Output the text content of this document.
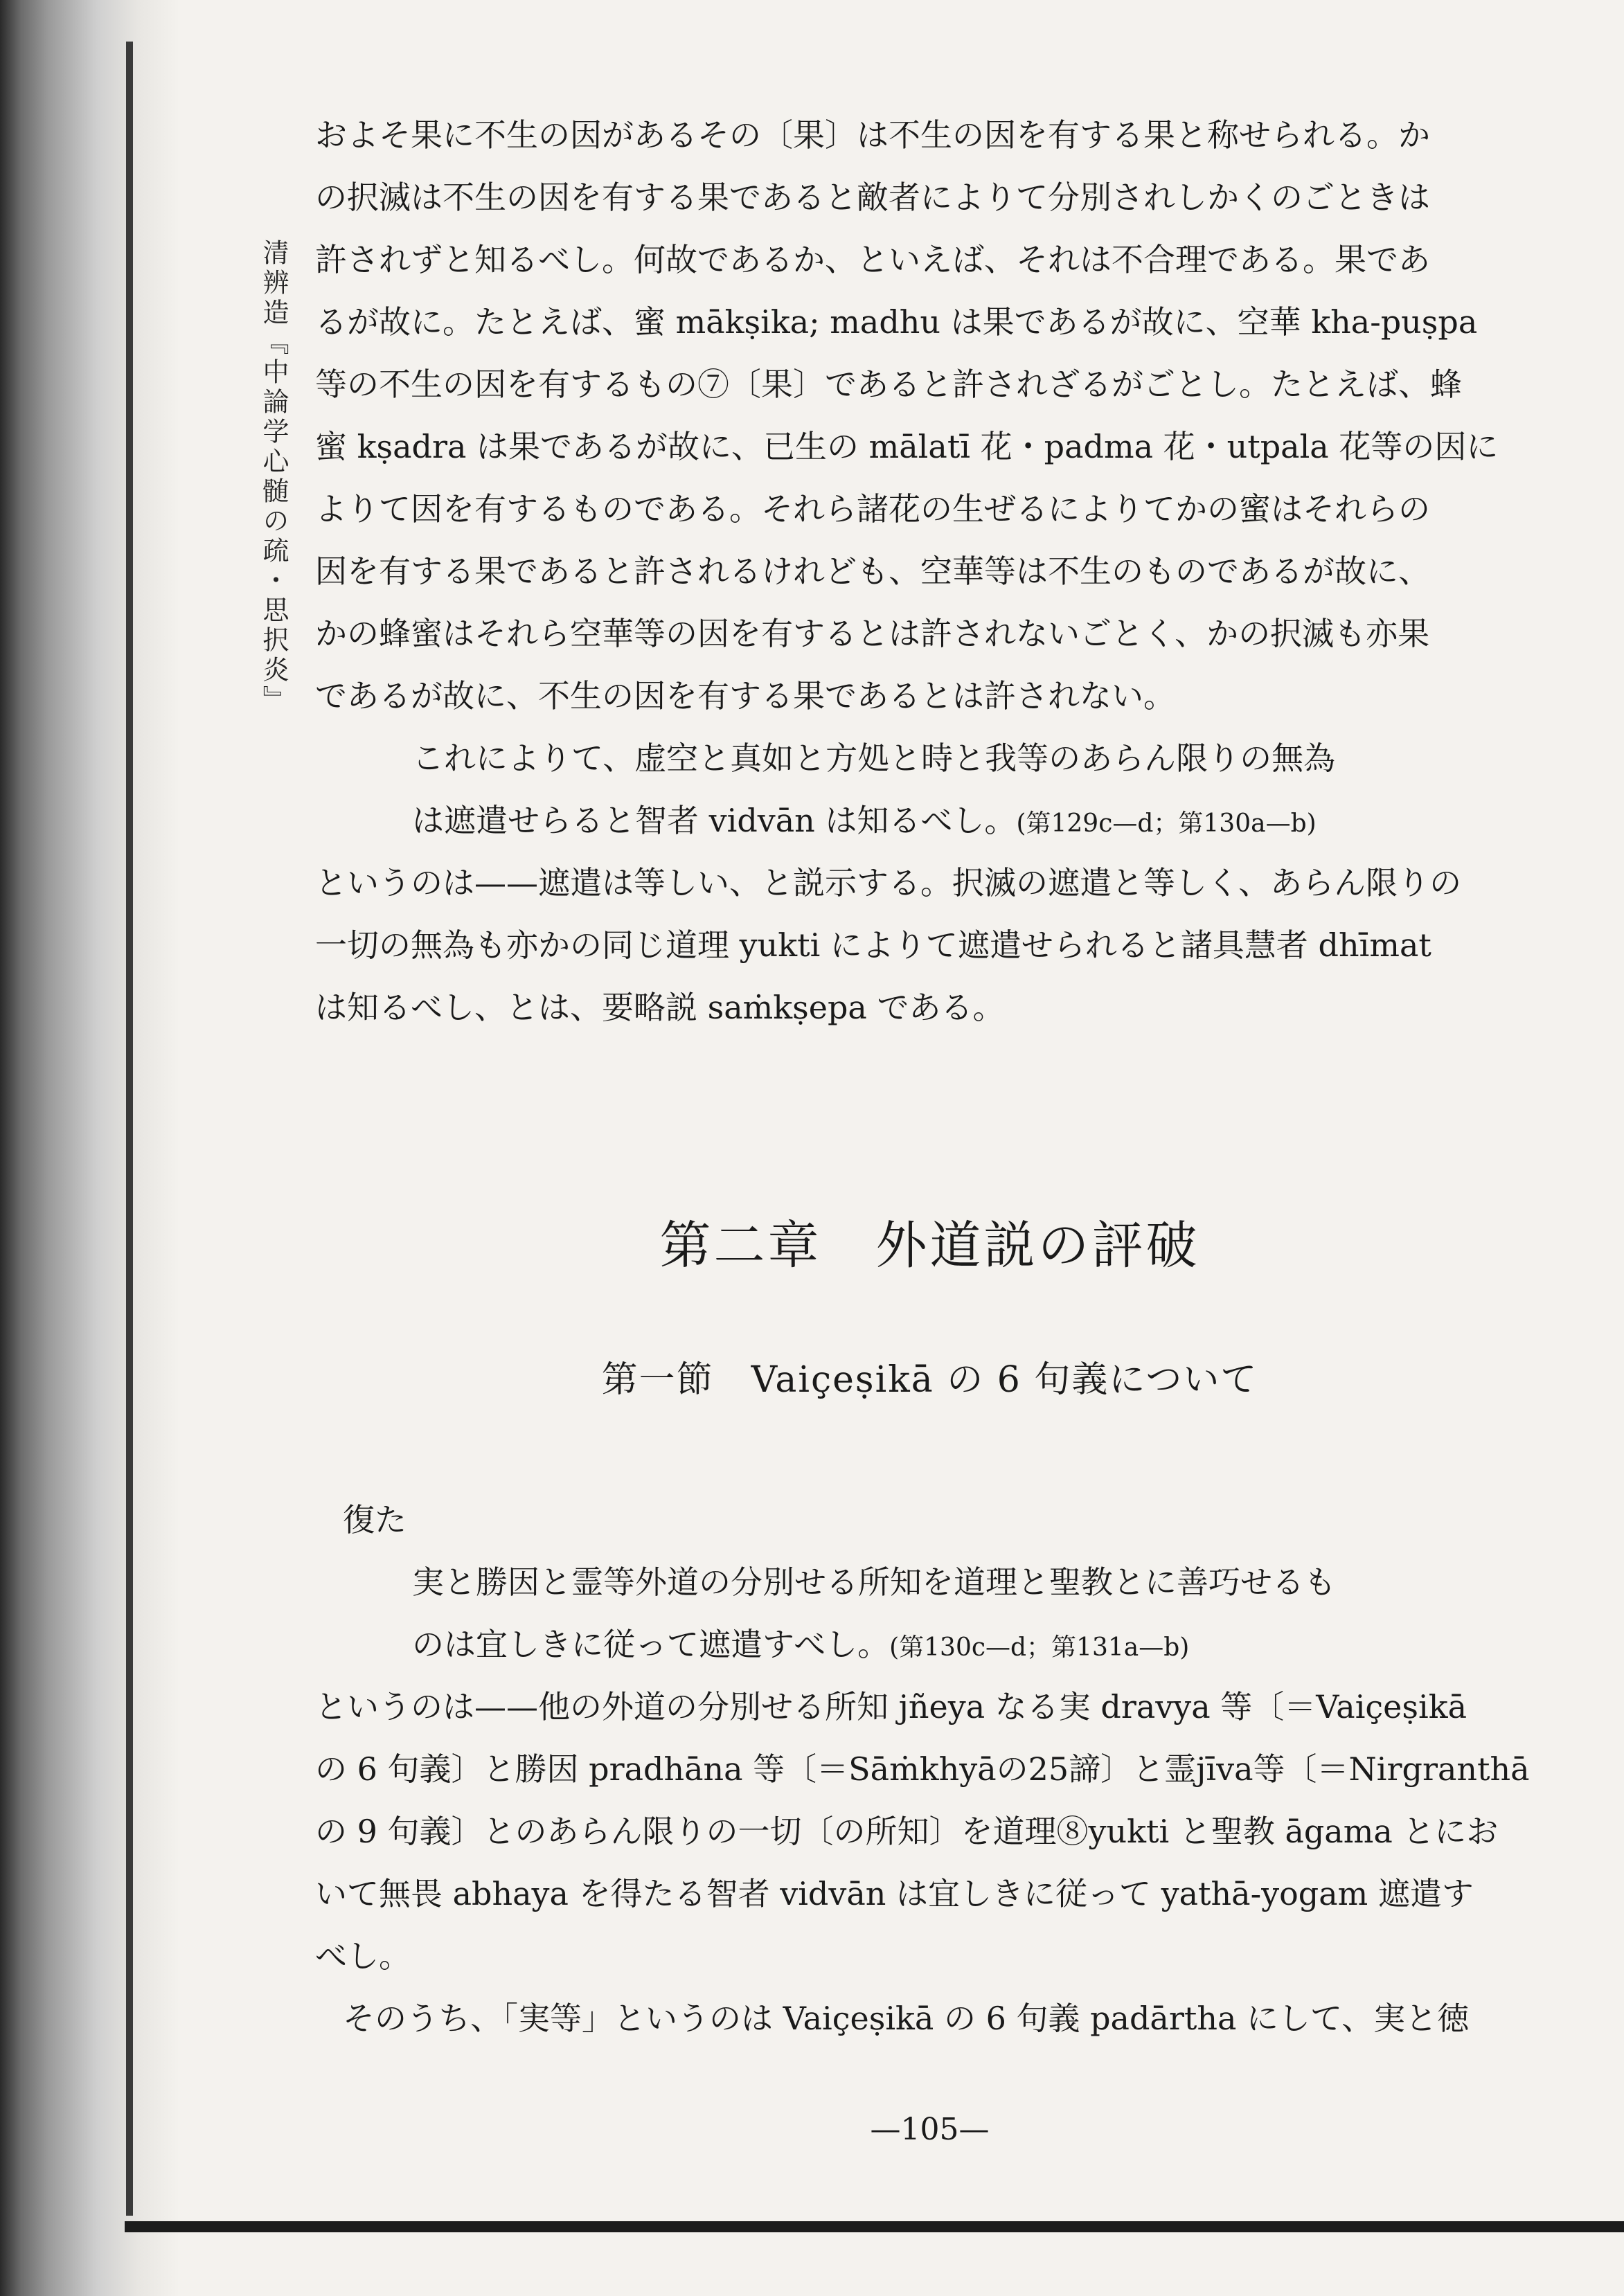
清辨造『中論学心髄の疏・思択炎』
およそ果に不生の因があるその〔果〕は不生の因を有する果と称せられる。か
の択滅は不生の因を有する果であると敵者によりて分別されしかくのごときは
許されずと知るべし。何故であるか、といえば、それは不合理である。果であ
るが故に。たとえば、蜜 mākṣika; madhu は果であるが故に、空華 kha-puṣpa
等の不生の因を有するもの⑦〔果〕であると許されざるがごとし。たとえば、蜂
蜜 kṣadra は果であるが故に、已生の mālatī 花・padma 花・utpala 花等の因に
よりて因を有するものである。それら諸花の生ぜるによりてかの蜜はそれらの
因を有する果であると許されるけれども、空華等は不生のものであるが故に、
かの蜂蜜はそれら空華等の因を有するとは許されないごとく、かの択滅も亦果
であるが故に、不生の因を有する果であるとは許されない。
これによりて、虚空と真如と方処と時と我等のあらん限りの無為
は遮遣せらると智者 vidvān は知るべし。(第129c—d；第130a—b)
というのは——遮遣は等しい、と説示する。択滅の遮遣と等しく、あらん限りの
一切の無為も亦かの同じ道理 yukti によりて遮遣せられると諸具慧者 dhīmat
は知るべし、とは、要略説 saṁkṣepa である。
第二章　外道説の評破
第一節　Vaiçeṣikā の 6 句義について
復た
実と勝因と霊等外道の分別せる所知を道理と聖教とに善巧せるも
のは宜しきに従って遮遣すべし。(第130c—d；第131a—b)
というのは——他の外道の分別せる所知 jñeya なる実 dravya 等〔＝Vaiçeṣikā
の 6 句義〕と勝因 pradhāna 等〔＝Sāṁkhyāの25諦〕と霊jīva等〔＝Nirgranthā
の 9 句義〕とのあらん限りの一切〔の所知〕を道理⑧yukti と聖教 āgama とにお
いて無畏 abhaya を得たる智者 vidvān は宜しきに従って yathā-yogam 遮遣す
べし。
そのうち、「実等」というのは Vaiçeṣikā の 6 句義 padārtha にして、実と徳
—105—
